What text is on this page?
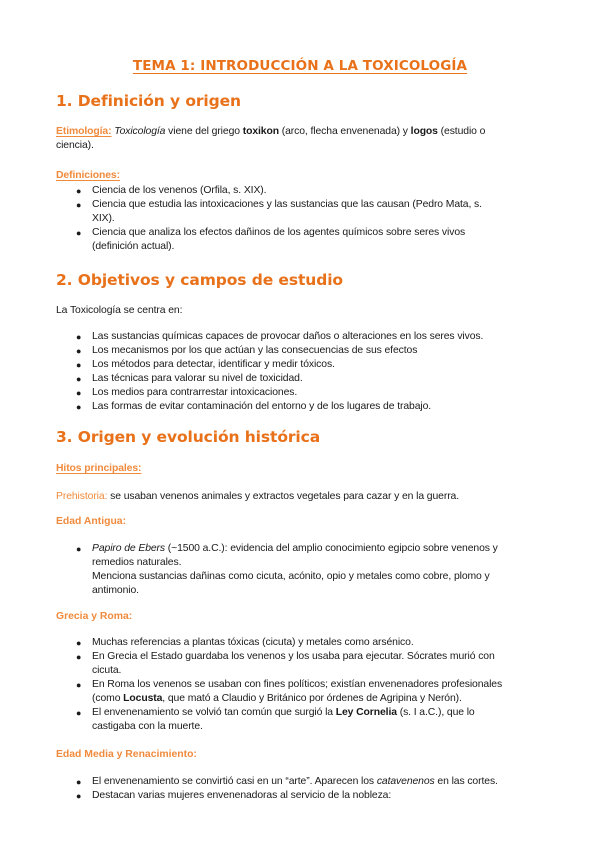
TEMA 1: INTRODUCCIÓN A LA TOXICOLOGÍA
1. Definición y origen
Etimología: Toxicología viene del griego toxikon (arco, flecha envenenada) y logos (estudio o
ciencia).
Definiciones:
● Ciencia de los venenos (Orfila, s. XIX).
● Ciencia que estudia las intoxicaciones y las sustancias que las causan (Pedro Mata, s.
XIX).
● Ciencia que analiza los efectos dañinos de los agentes químicos sobre seres vivos
(definición actual).
2. Objetivos y campos de estudio
La Toxicología se centra en:
● Las sustancias químicas capaces de provocar daños o alteraciones en los seres vivos.
● Los mecanismos por los que actúan y las consecuencias de sus efectos
● Los métodos para detectar, identificar y medir tóxicos.
● Las técnicas para valorar su nivel de toxicidad.
● Los medios para contrarrestar intoxicaciones.
● Las formas de evitar contaminación del entorno y de los lugares de trabajo.
3. Origen y evolución histórica
Hitos principales:
Prehistoria: se usaban venenos animales y extractos vegetales para cazar y en la guerra.
Edad Antigua:
● Papiro de Ebers (~1500 a.C.): evidencia del amplio conocimiento egipcio sobre venenos y
remedios naturales.
Menciona sustancias dañinas como cicuta, acónito, opio y metales como cobre, plomo y
antimonio.
Grecia y Roma:
● Muchas referencias a plantas tóxicas (cicuta) y metales como arsénico.
● En Grecia el Estado guardaba los venenos y los usaba para ejecutar. Sócrates murió con
cicuta.
● En Roma los venenos se usaban con fines políticos; existían envenenadores profesionales
(como Locusta, que mató a Claudio y Británico por órdenes de Agripina y Nerón).
● El envenenamiento se volvió tan común que surgió la Ley Cornelia (s. I a.C.), que lo
castigaba con la muerte.
Edad Media y Renacimiento:
● El envenenamiento se convirtió casi en un “arte”. Aparecen los catavenenos en las cortes.
● Destacan varias mujeres envenenadoras al servicio de la nobleza:
